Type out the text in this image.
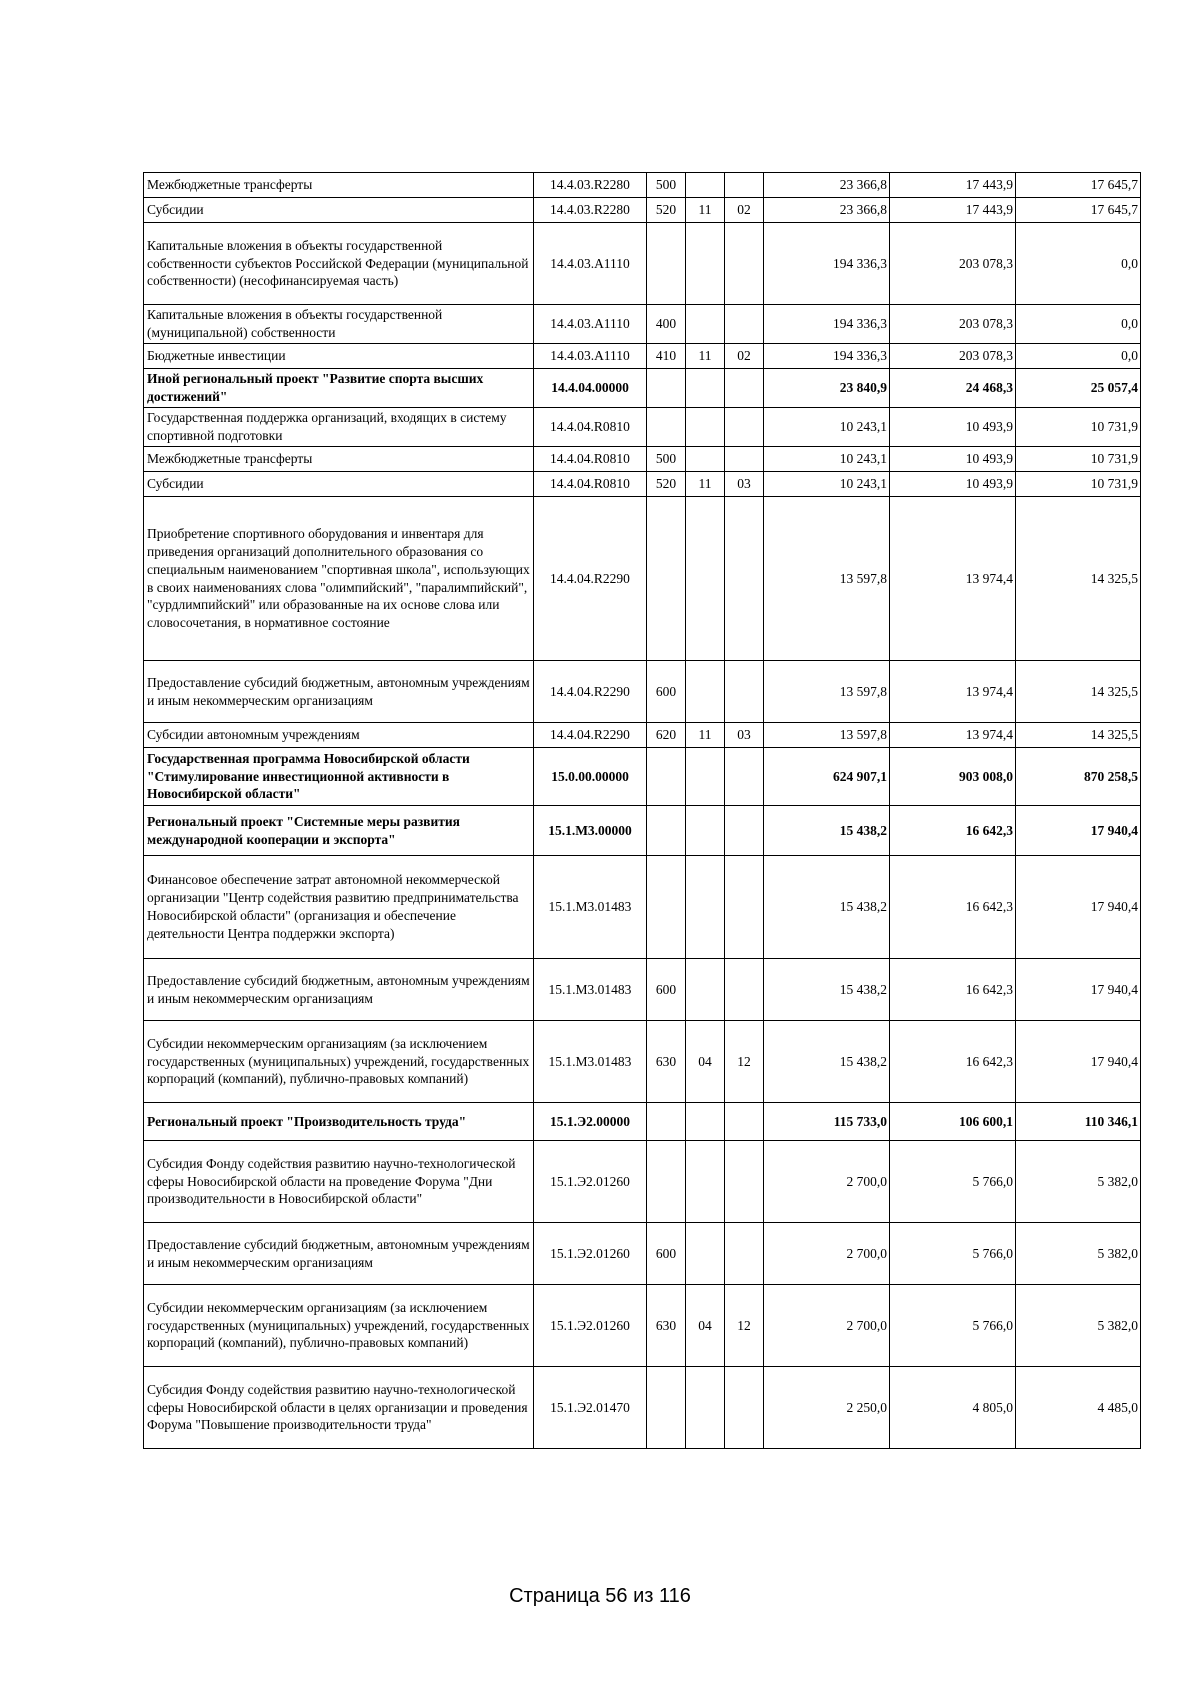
Межбюджетные трансферты	14.4.03.R2280	500			23 366,8	17 443,9	17 645,7
Субсидии	14.4.03.R2280	520	11	02	23 366,8	17 443,9	17 645,7
Капитальные вложения в объекты государственной собственности субъектов Российской Федерации (муниципальной собственности) (несофинансируемая часть)	14.4.03.A1110				194 336,3	203 078,3	0,0
Капитальные вложения в объекты государственной (муниципальной) собственности	14.4.03.A1110	400			194 336,3	203 078,3	0,0
Бюджетные инвестиции	14.4.03.A1110	410	11	02	194 336,3	203 078,3	0,0
Иной региональный проект "Развитие спорта высших достижений"	14.4.04.00000				23 840,9	24 468,3	25 057,4
Государственная поддержка организаций, входящих в систему спортивной подготовки	14.4.04.R0810				10 243,1	10 493,9	10 731,9
Межбюджетные трансферты	14.4.04.R0810	500			10 243,1	10 493,9	10 731,9
Субсидии	14.4.04.R0810	520	11	03	10 243,1	10 493,9	10 731,9
Приобретение спортивного оборудования и инвентаря для приведения организаций дополнительного образования со специальным наименованием "спортивная школа", использующих в своих наименованиях слова "олимпийский", "паралимпийский", "сурдлимпийский" или образованные на их основе слова или словосочетания, в нормативное состояние	14.4.04.R2290				13 597,8	13 974,4	14 325,5
Предоставление субсидий бюджетным, автономным учреждениям и иным некоммерческим организациям	14.4.04.R2290	600			13 597,8	13 974,4	14 325,5
Субсидии автономным учреждениям	14.4.04.R2290	620	11	03	13 597,8	13 974,4	14 325,5
Государственная программа Новосибирской области "Стимулирование инвестиционной активности в Новосибирской области"	15.0.00.00000				624 907,1	903 008,0	870 258,5
Региональный проект "Системные меры развития международной кооперации и экспорта"	15.1.М3.00000				15 438,2	16 642,3	17 940,4
Финансовое обеспечение затрат автономной некоммерческой организации "Центр содействия развитию предпринимательства Новосибирской области" (организация и обеспечение деятельности Центра поддержки экспорта)	15.1.М3.01483				15 438,2	16 642,3	17 940,4
Предоставление субсидий бюджетным, автономным учреждениям и иным некоммерческим организациям	15.1.М3.01483	600			15 438,2	16 642,3	17 940,4
Субсидии некоммерческим организациям (за исключением государственных (муниципальных) учреждений, государственных корпораций (компаний), публично-правовых компаний)	15.1.М3.01483	630	04	12	15 438,2	16 642,3	17 940,4
Региональный проект "Производительность труда"	15.1.Э2.00000				115 733,0	106 600,1	110 346,1
Субсидия Фонду содействия развитию научно-технологической сферы Новосибирской области на проведение Форума "Дни производительности в Новосибирской области"	15.1.Э2.01260				2 700,0	5 766,0	5 382,0
Предоставление субсидий бюджетным, автономным учреждениям и иным некоммерческим организациям	15.1.Э2.01260	600			2 700,0	5 766,0	5 382,0
Субсидии некоммерческим организациям (за исключением государственных (муниципальных) учреждений, государственных корпораций (компаний), публично-правовых компаний)	15.1.Э2.01260	630	04	12	2 700,0	5 766,0	5 382,0
Субсидия Фонду содействия развитию научно-технологической сферы Новосибирской области в целях организации и проведения Форума "Повышение производительности труда"	15.1.Э2.01470				2 250,0	4 805,0	4 485,0
Страница 56 из 116
